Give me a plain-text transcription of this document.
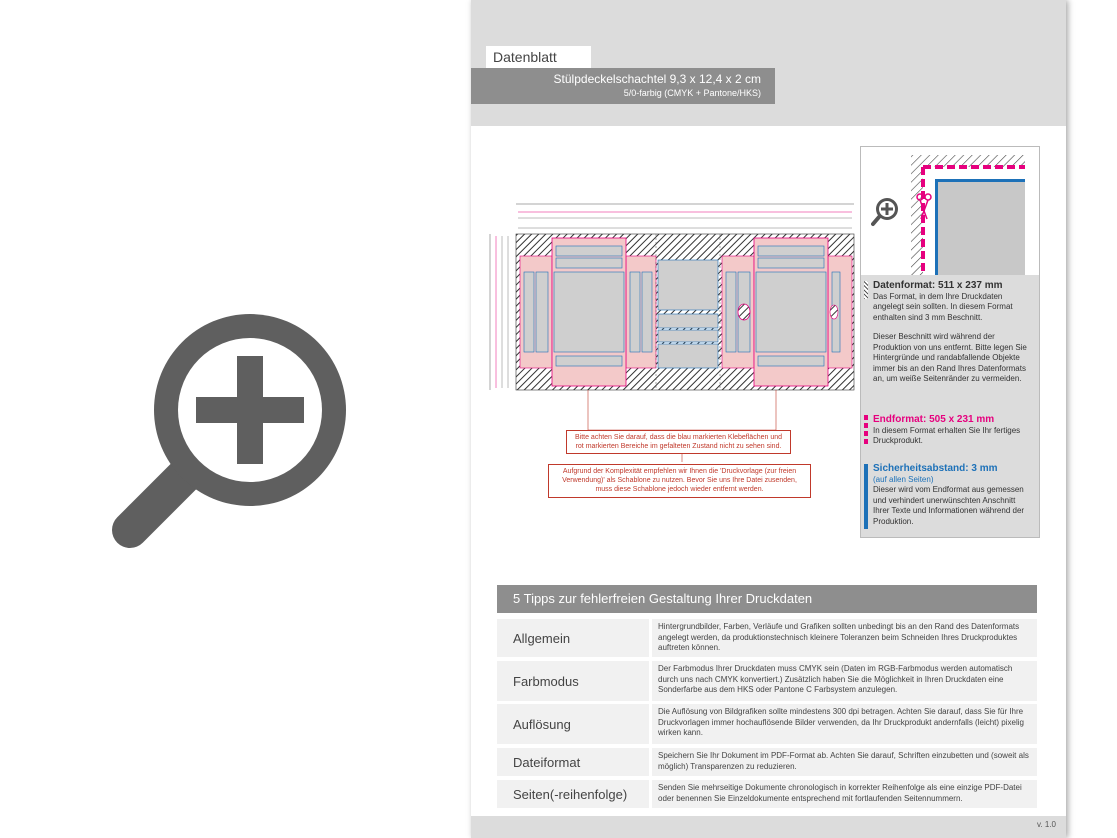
Datenblatt
Stülpdeckelschachtel 9,3 x 12,4 x 2 cm
5/0-farbig (CMYK + Pantone/HKS)
Bitte achten Sie darauf, dass die blau markierten Klebeflächen und rot markierten Bereiche im gefalteten Zustand nicht zu sehen sind.
Aufgrund der Komplexität empfehlen wir Ihnen die 'Druckvorlage (zur freien Verwendung)' als Schablone zu nutzen. Bevor Sie uns Ihre Datei zusenden, muss diese Schablone jedoch wieder entfernt werden.
Datenformat: 511 x 237 mm
Das Format, in dem Ihre Druckdaten angelegt sein sollten. In diesem Format enthalten sind 3 mm Beschnitt.
Dieser Beschnitt wird während der Produktion von uns entfernt. Bitte legen Sie Hintergründe und randabfallende Objekte immer bis an den Rand Ihres Datenformats an, um weiße Seitenränder zu vermeiden.
Endformat: 505 x 231 mm
In diesem Format erhalten Sie Ihr fertiges Druckprodukt.
Sicherheitsabstand: 3 mm
(auf allen Seiten)
Dieser wird vom Endformat aus gemessen und verhindert unerwünschten Anschnitt Ihrer Texte und Informationen während der Produktion.
5 Tipps zur fehlerfreien Gestaltung Ihrer Druckdaten
Allgemein
Hintergrundbilder, Farben, Verläufe und Grafiken sollten unbedingt bis an den Rand des Datenformats angelegt werden, da produktionstechnisch kleinere Toleranzen beim Schneiden Ihres Druckproduktes auftreten können.
Farbmodus
Der Farbmodus Ihrer Druckdaten muss CMYK sein (Daten im RGB-Farbmodus werden automatisch durch uns nach CMYK konvertiert.) Zusätzlich haben Sie die Möglichkeit in Ihren Druckdaten eine Sonderfarbe aus dem HKS oder Pantone C Farbsystem anzulegen.
Auflösung
Die Auflösung von Bildgrafiken sollte mindestens 300 dpi betragen. Achten Sie darauf, dass Sie für Ihre Druckvorlagen immer hochauflösende Bilder verwenden, da Ihr Druckprodukt andernfalls (leicht) pixelig wirken kann.
Dateiformat	Speichern Sie Ihr Dokument im PDF-Format ab. Achten Sie darauf, Schriften einzubetten und (soweit als möglich) Transparenzen zu reduzieren.
Seiten(-reihenfolge)	Senden Sie mehrseitige Dokumente chronologisch in korrekter Reihenfolge als eine einzige PDF-Datei oder benennen Sie Einzeldokumente entsprechend mit fortlaufenden Seitennummern.
v. 1.0
